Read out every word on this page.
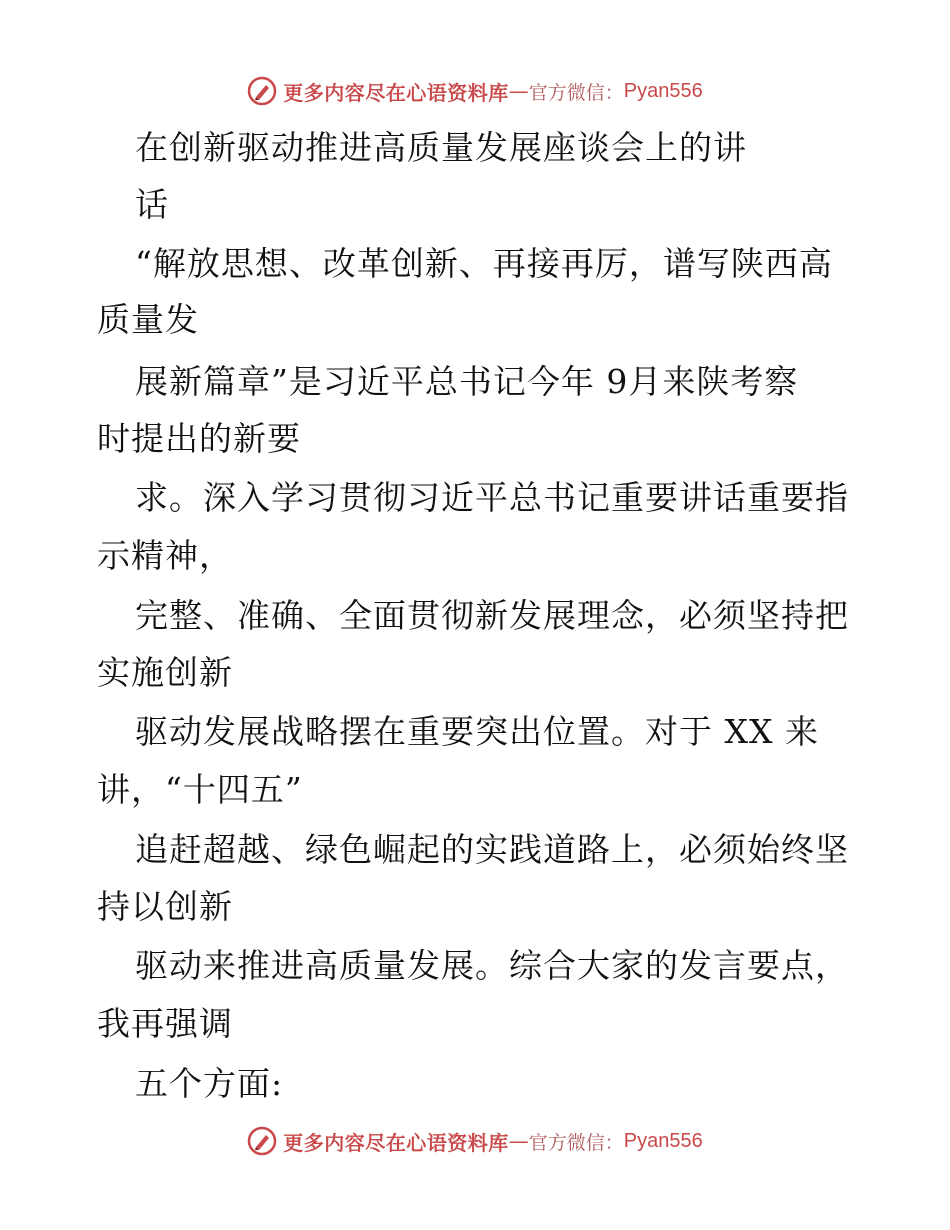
更多内容尽在心语资料库 — 官方微信： Pyan556
在创新驱动推进高质量发展座谈会上的讲
话
“解放思想、改革创新、再接再厉，谱写陕西高
质量发
展新篇章”是习近平总书记今年 9月来陕考察
时提出的新要
求。深入学习贯彻习近平总书记重要讲话重要指
示精神，
完整、准确、全面贯彻新发展理念，必须坚持把
实施创新
驱动发展战略摆在重要突出位置。对于 XX 来
讲，“十四五”
追赶超越、绿色崛起的实践道路上，必须始终坚
持以创新
驱动来推进高质量发展。综合大家的发言要点，
我再强调
五个方面:
更多内容尽在心语资料库 — 官方微信： Pyan556
